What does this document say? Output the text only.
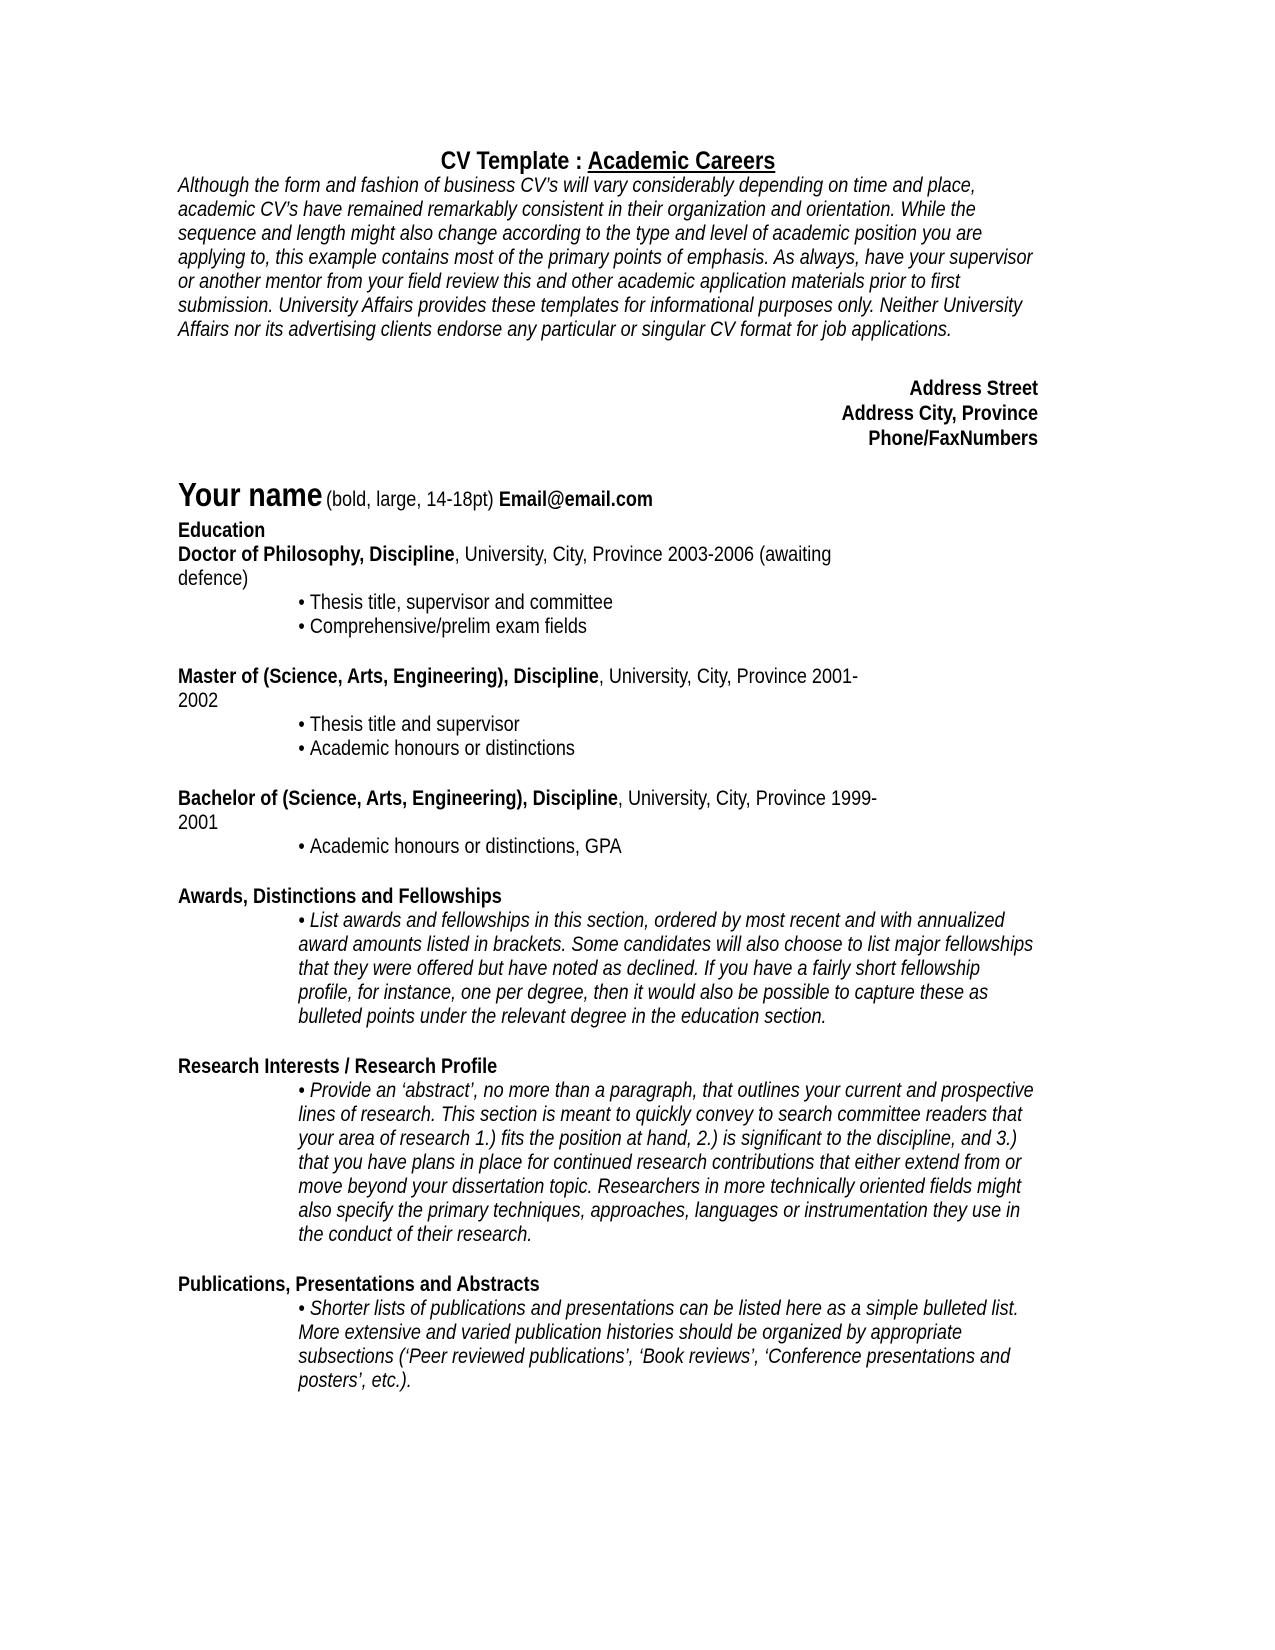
CV Template : Academic Careers

Although the form and fashion of business CV’s will vary considerably depending on time and place, academic CV’s have remained remarkably consistent in their organization and orientation. While the sequence and length might also change according to the type and level of academic position you are applying to, this example contains most of the primary points of emphasis. As always, have your supervisor or another mentor from your field review this and other academic application materials prior to first submission. University Affairs provides these templates for informational purposes only. Neither University Affairs nor its advertising clients endorse any particular or singular CV format for job applications.

Address Street
Address City, Province
Phone/FaxNumbers
Your name (bold, large, 14-18pt) Email@email.com
Education

Doctor of Philosophy, Discipline, University, City, Province 2003-2006 (awaiting
defence)

• Thesis title, supervisor and committee
• Comprehensive/prelim exam fields

Master of (Science, Arts, Engineering), Discipline, University, City, Province 2001-
2002

• Thesis title and supervisor
• Academic honours or distinctions

Bachelor of (Science, Arts, Engineering), Discipline, University, City, Province 1999-
2001

• Academic honours or distinctions, GPA
Awards, Distinctions and Fellowships

• List awards and fellowships in this section, ordered by most recent and with annualized award amounts listed in brackets. Some candidates will also choose to list major fellowships that they were offered but have noted as declined. If you have a fairly short fellowship profile, for instance, one per degree, then it would also be possible to capture these as bulleted points under the relevant degree in the education section.

Research Interests / Research Profile

• Provide an ‘abstract’, no more than a paragraph, that outlines your current and prospective lines of research. This section is meant to quickly convey to search committee readers that your area of research 1.) fits the position at hand, 2.) is significant to the discipline, and 3.) that you have plans in place for continued research contributions that either extend from or move beyond your dissertation topic. Researchers in more technically oriented fields might also specify the primary techniques, approaches, languages or instrumentation they use in the conduct of their research.

Publications, Presentations and Abstracts

• Shorter lists of publications and presentations can be listed here as a simple bulleted list. More extensive and varied publication histories should be organized by appropriate subsections (‘Peer reviewed publications’, ‘Book reviews’, ‘Conference presentations and posters’, etc.).
